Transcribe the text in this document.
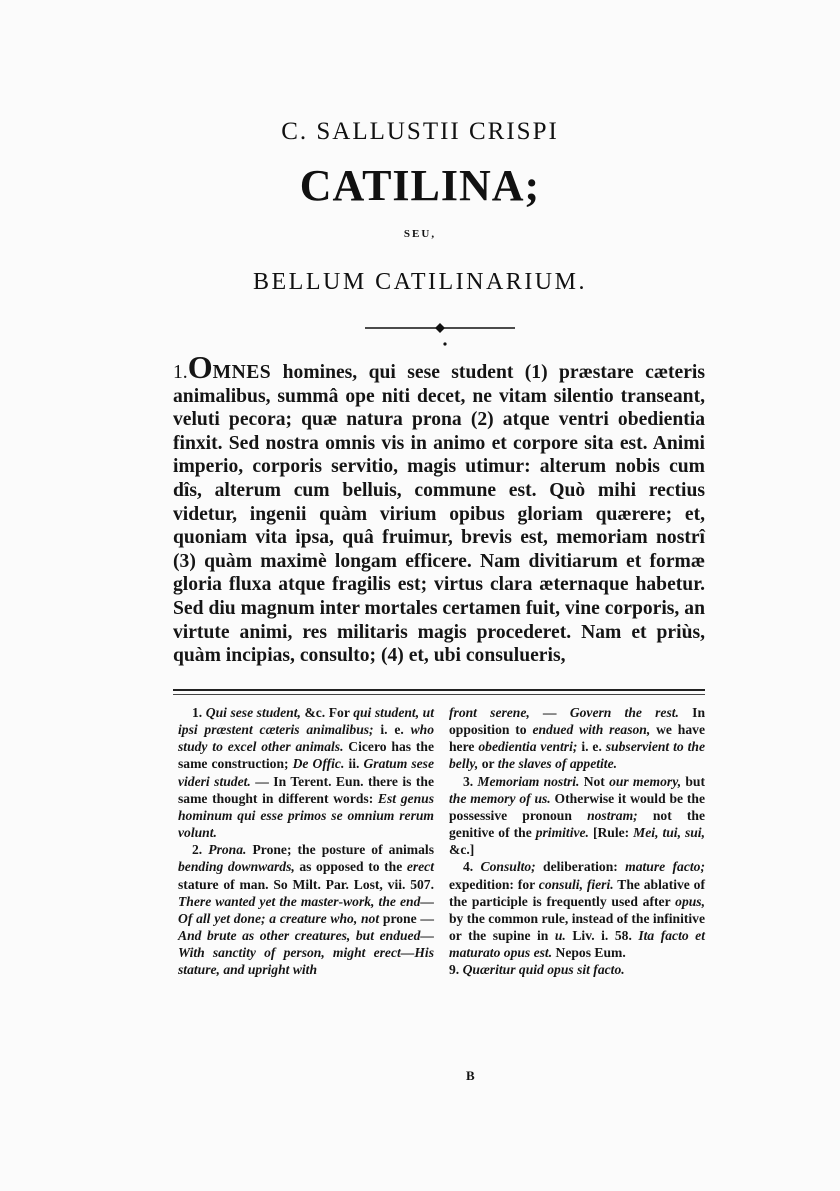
C. SALLUSTII CRISPI
CATILINA;
SEU,
BELLUM CATILINARIUM.
1.OMNES homines, qui sese student (1) præstare cæteris animalibus, summâ ope niti decet, ne vitam silentio transeant, veluti pecora; quæ natura prona (2) atque ventri obedientia finxit. Sed nostra omnis vis in animo et corpore sita est. Animi imperio, corporis servitio, magis utimur: alterum nobis cum dîs, alterum cum belluis, commune est. Quò mihi rectius videtur, ingenii quàm virium opibus gloriam quærere; et, quoniam vita ipsa, quâ fruimur, brevis est, memoriam nostrî (3) quàm maximè longam efficere. Nam divitiarum et formæ gloria fluxa atque fragilis est; virtus clara æternaque habetur. Sed diu magnum inter mortales certamen fuit, vine corporis, an virtute animi, res militaris magis procederet. Nam et priùs, quàm incipias, consulto; (4) et, ubi consulueris,

1. Qui sese student, &c. For qui student, ut ipsi præstent cæteris animalibus; i. e. who study to excel other animals. Cicero has the same construction; De Offic. ii. Gratum sese videri studet. — In Terent. Eun. there is the same thought in different words: Est genus hominum qui esse primos se omnium rerum volunt.

2. Prona. Prone; the posture of animals bending downwards, as opposed to the erect stature of man. So Milt. Par. Lost, vii. 507. There wanted yet the master-work, the end—Of all yet done; a creature who, not prone — And brute as other creatures, but endued—With sanctity of person, might erect—His stature, and upright with

front serene, — Govern the rest. In opposition to endued with reason, we have here obedientia ventri; i. e. subservient to the belly, or the slaves of appetite.

3. Memoriam nostri. Not our memory, but the memory of us. Otherwise it would be the possessive pronoun nostram; not the genitive of the primitive. [Rule: Mei, tui, sui, &c.]

4. Consulto; deliberation: mature facto; expedition: for consuli, fieri. The ablative of the participle is frequently used after opus, by the common rule, instead of the infinitive or the supine in u. Liv. i. 58. Ita facto et maturato opus est. Nepos Eum.

9. Quæritur quid opus sit facto.

B
